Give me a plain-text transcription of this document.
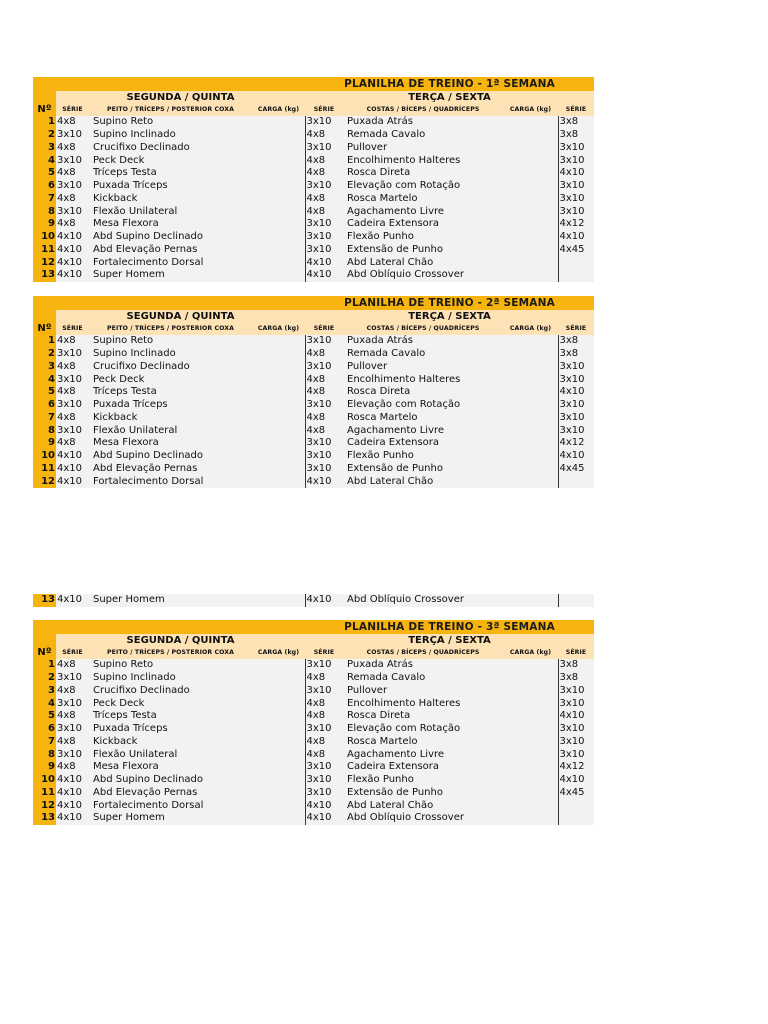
				PLANILHA DE TREINO - 1ª SEMANA			
	SEGUNDA / QUINTA			TERÇA / SEXTA			
Nº	SÉRIE	PEITO / TRÍCEPS / POSTERIOR COXA	CARGA (kg)	SÉRIE	COSTAS / BÍCEPS / QUADRÍCEPS	CARGA (kg)	SÉRIE
1	4x8	Supino Reto		3x10	Puxada Atrás		3x8
2	3x10	Supino Inclinado		4x8	Remada Cavalo		3x8
3	4x8	Crucifixo Declinado		3x10	Pullover		3x10
4	3x10	Peck Deck		4x8	Encolhimento Halteres		3x10
5	4x8	Tríceps Testa		4x8	Rosca Direta		4x10
6	3x10	Puxada Tríceps		3x10	Elevação com Rotação		3x10
7	4x8	Kickback		4x8	Rosca Martelo		3x10
8	3x10	Flexão Unilateral		4x8	Agachamento Livre		3x10
9	4x8	Mesa Flexora		3x10	Cadeira Extensora		4x12
10	4x10	Abd Supino Declinado		3x10	Flexão Punho		4x10
11	4x10	Abd Elevação Pernas		3x10	Extensão de Punho		4x45
12	4x10	Fortalecimento Dorsal		4x10	Abd Lateral Chão		
13	4x10	Super Homem		4x10	Abd Oblíquio Crossover		
				PLANILHA DE TREINO - 2ª SEMANA			
	SEGUNDA / QUINTA			TERÇA / SEXTA			
Nº	SÉRIE	PEITO / TRÍCEPS / POSTERIOR COXA	CARGA (kg)	SÉRIE	COSTAS / BÍCEPS / QUADRÍCEPS	CARGA (kg)	SÉRIE
1	4x8	Supino Reto		3x10	Puxada Atrás		3x8
2	3x10	Supino Inclinado		4x8	Remada Cavalo		3x8
3	4x8	Crucifixo Declinado		3x10	Pullover		3x10
4	3x10	Peck Deck		4x8	Encolhimento Halteres		3x10
5	4x8	Tríceps Testa		4x8	Rosca Direta		4x10
6	3x10	Puxada Tríceps		3x10	Elevação com Rotação		3x10
7	4x8	Kickback		4x8	Rosca Martelo		3x10
8	3x10	Flexão Unilateral		4x8	Agachamento Livre		3x10
9	4x8	Mesa Flexora		3x10	Cadeira Extensora		4x12
10	4x10	Abd Supino Declinado		3x10	Flexão Punho		4x10
11	4x10	Abd Elevação Pernas		3x10	Extensão de Punho		4x45
12	4x10	Fortalecimento Dorsal		4x10	Abd Lateral Chão		
13	4x10	Super Homem		4x10	Abd Oblíquio Crossover		
				PLANILHA DE TREINO - 3ª SEMANA			
	SEGUNDA / QUINTA			TERÇA / SEXTA			
Nº	SÉRIE	PEITO / TRÍCEPS / POSTERIOR COXA	CARGA (kg)	SÉRIE	COSTAS / BÍCEPS / QUADRÍCEPS	CARGA (kg)	SÉRIE
1	4x8	Supino Reto		3x10	Puxada Atrás		3x8
2	3x10	Supino Inclinado		4x8	Remada Cavalo		3x8
3	4x8	Crucifixo Declinado		3x10	Pullover		3x10
4	3x10	Peck Deck		4x8	Encolhimento Halteres		3x10
5	4x8	Tríceps Testa		4x8	Rosca Direta		4x10
6	3x10	Puxada Tríceps		3x10	Elevação com Rotação		3x10
7	4x8	Kickback		4x8	Rosca Martelo		3x10
8	3x10	Flexão Unilateral		4x8	Agachamento Livre		3x10
9	4x8	Mesa Flexora		3x10	Cadeira Extensora		4x12
10	4x10	Abd Supino Declinado		3x10	Flexão Punho		4x10
11	4x10	Abd Elevação Pernas		3x10	Extensão de Punho		4x45
12	4x10	Fortalecimento Dorsal		4x10	Abd Lateral Chão		
13	4x10	Super Homem		4x10	Abd Oblíquio Crossover		
